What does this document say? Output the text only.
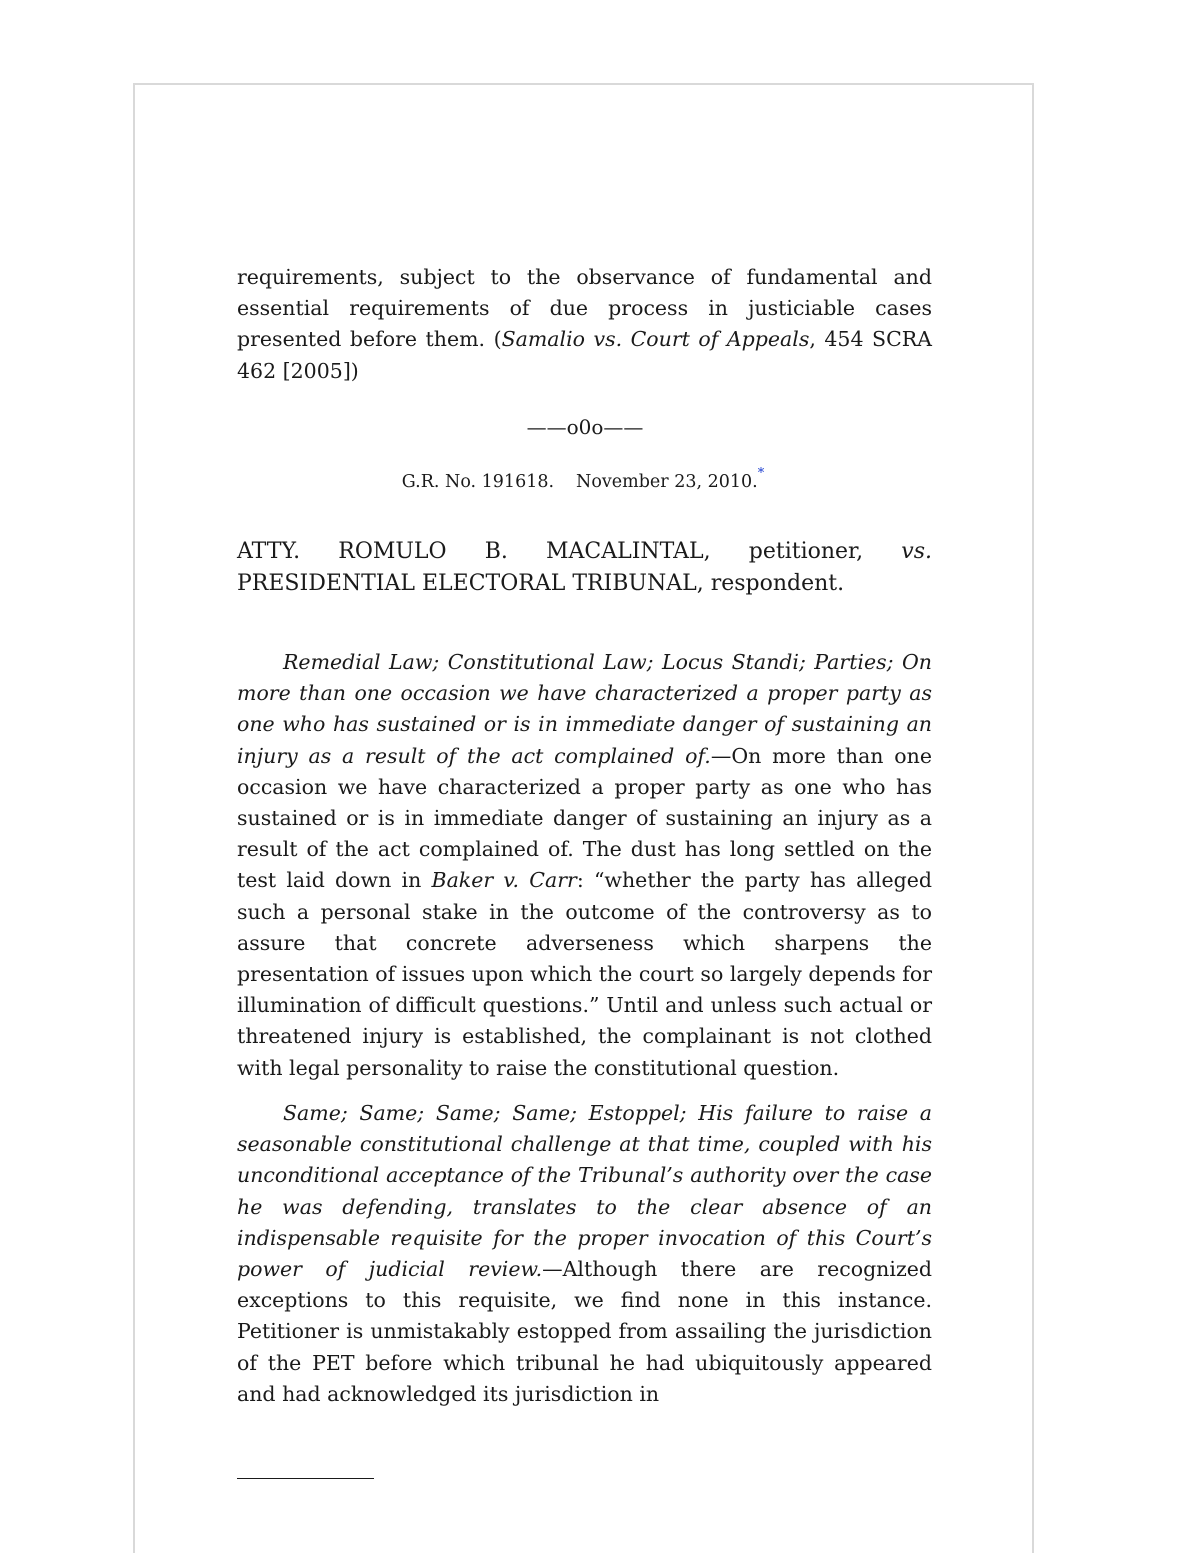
requirements, subject to the observance of fundamental and essential requirements of due process in justiciable cases presented before them. (Samalio vs. Court of Appeals, 454 SCRA 462 [2005])

——o0o——
G.R. No. 191618. November 23, 2010.*

ATTY. ROMULO B. MACALINTAL, petitioner, vs. PRESIDENTIAL ELECTORAL TRIBUNAL, respondent.

Remedial Law; Constitutional Law; Locus Standi; Parties; On more than one occasion we have characterized a proper party as one who has sustained or is in immediate danger of sustaining an injury as a result of the act complained of.—On more than one occasion we have characterized a proper party as one who has sustained or is in immediate danger of sustaining an injury as a result of the act complained of. The dust has long settled on the test laid down in Baker v. Carr: “whether the party has alleged such a personal stake in the outcome of the controversy as to assure that concrete adverseness which sharpens the presentation of issues upon which the court so largely depends for illumination of difficult questions.” Until and unless such actual or threatened injury is established, the complainant is not clothed with legal personality to raise the constitutional question.

Same; Same; Same; Same; Estoppel; His failure to raise a seasonable constitutional challenge at that time, coupled with his unconditional acceptance of the Tribunal’s authority over the case he was defending, translates to the clear absence of an indispensable requisite for the proper invocation of this Court’s power of judicial review.—Although there are recognized exceptions to this requisite, we find none in this instance. Petitioner is unmistakably estopped from assailing the jurisdiction of the PET before which tribunal he had ubiquitously appeared and had acknowledged its jurisdiction in
